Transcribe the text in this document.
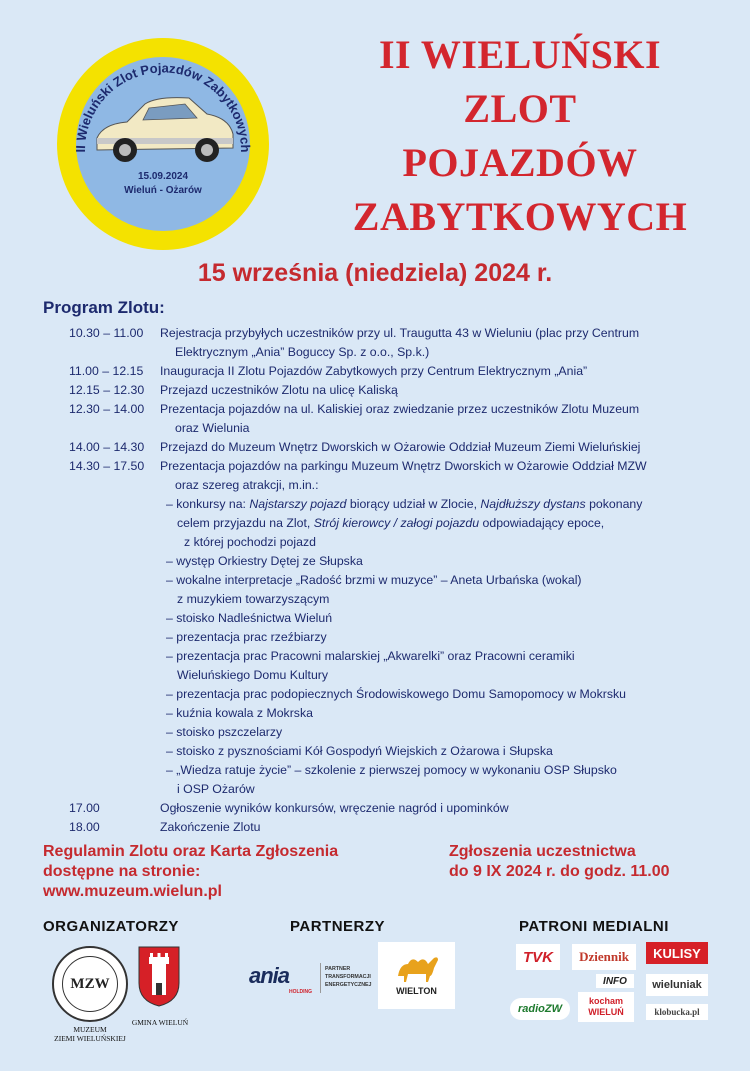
II Wieluński Zlot Pojazdów Zabytkowych
15.09.2024
Wieluń - Ożarów
II WIELUŃSKI
ZLOT
POJAZDÓW
ZABYTKOWYCH
15 września (niedziela) 2024 r.
Program Zlotu:
10.30 – 11.00 Rejestracja przybyłych uczestników przy ul. Traugutta 43 w Wieluniu (plac przy Centrum
Elektrycznym „Ania” Boguccy Sp. z o.o., Sp.k.)
11.00 – 12.15 Inauguracja II Zlotu Pojazdów Zabytkowych przy Centrum Elektrycznym „Ania”
12.15 – 12.30 Przejazd uczestników Zlotu na ulicę Kaliską
12.30 – 14.00 Prezentacja pojazdów na ul. Kaliskiej oraz zwiedzanie przez uczestników Zlotu Muzeum
oraz Wielunia
14.00 – 14.30 Przejazd do Muzeum Wnętrz Dworskich w Ożarowie Oddział Muzeum Ziemi Wieluńskiej
14.30 – 17.50 Prezentacja pojazdów na parkingu Muzeum Wnętrz Dworskich w Ożarowie Oddział MZW
oraz szereg atrakcji, m.in.:
– konkursy na: Najstarszy pojazd biorący udział w Zlocie, Najdłuższy dystans pokonany
celem przyjazdu na Zlot, Strój kierowcy / załogi pojazdu odpowiadający epoce,
z której pochodzi pojazd
– występ Orkiestry Dętej ze Słupska
– wokalne interpretacje „Radość brzmi w muzyce” – Aneta Urbańska (wokal)
z muzykiem towarzyszącym
– stoisko Nadleśnictwa Wieluń
– prezentacja prac rzeźbiarzy
– prezentacja prac Pracowni malarskiej „Akwarelki” oraz Pracowni ceramiki
Wieluńskiego Domu Kultury
– prezentacja prac podopiecznych Środowiskowego Domu Samopomocy w Mokrsku
– kuźnia kowala z Mokrska
– stoisko pszczelarzy
– stoisko z pysznościami Kół Gospodyń Wiejskich z Ożarowa i Słupska
– „Wiedza ratuje życie” – szkolenie z pierwszej pomocy w wykonaniu OSP Słupsko
i OSP Ożarów
17.00	Ogłoszenie wyników konkursów, wręczenie nagród i upominków
18.00	Zakończenie Zlotu
Regulamin Zlotu oraz Karta Zgłoszenia
dostępne na stronie:
www.muzeum.wielun.pl
Zgłoszenia uczestnictwa
do 9 IX 2024 r. do godz. 11.00
ORGANIZATORZY	PARTNERZY	PATRONI MEDIALNI
MZW
MUZEUM
ZIEMI WIELUŃSKIEJ
GMINA WIELUŃ
ania
HOLDING
PARTNER
TRANSFORMACJI
ENERGETYCZNEJ
WIELTON
TVK	Dziennik	KULISY
INFO	wieluniak
radioZW
kocham WIELUŃ	klobucka.pl
